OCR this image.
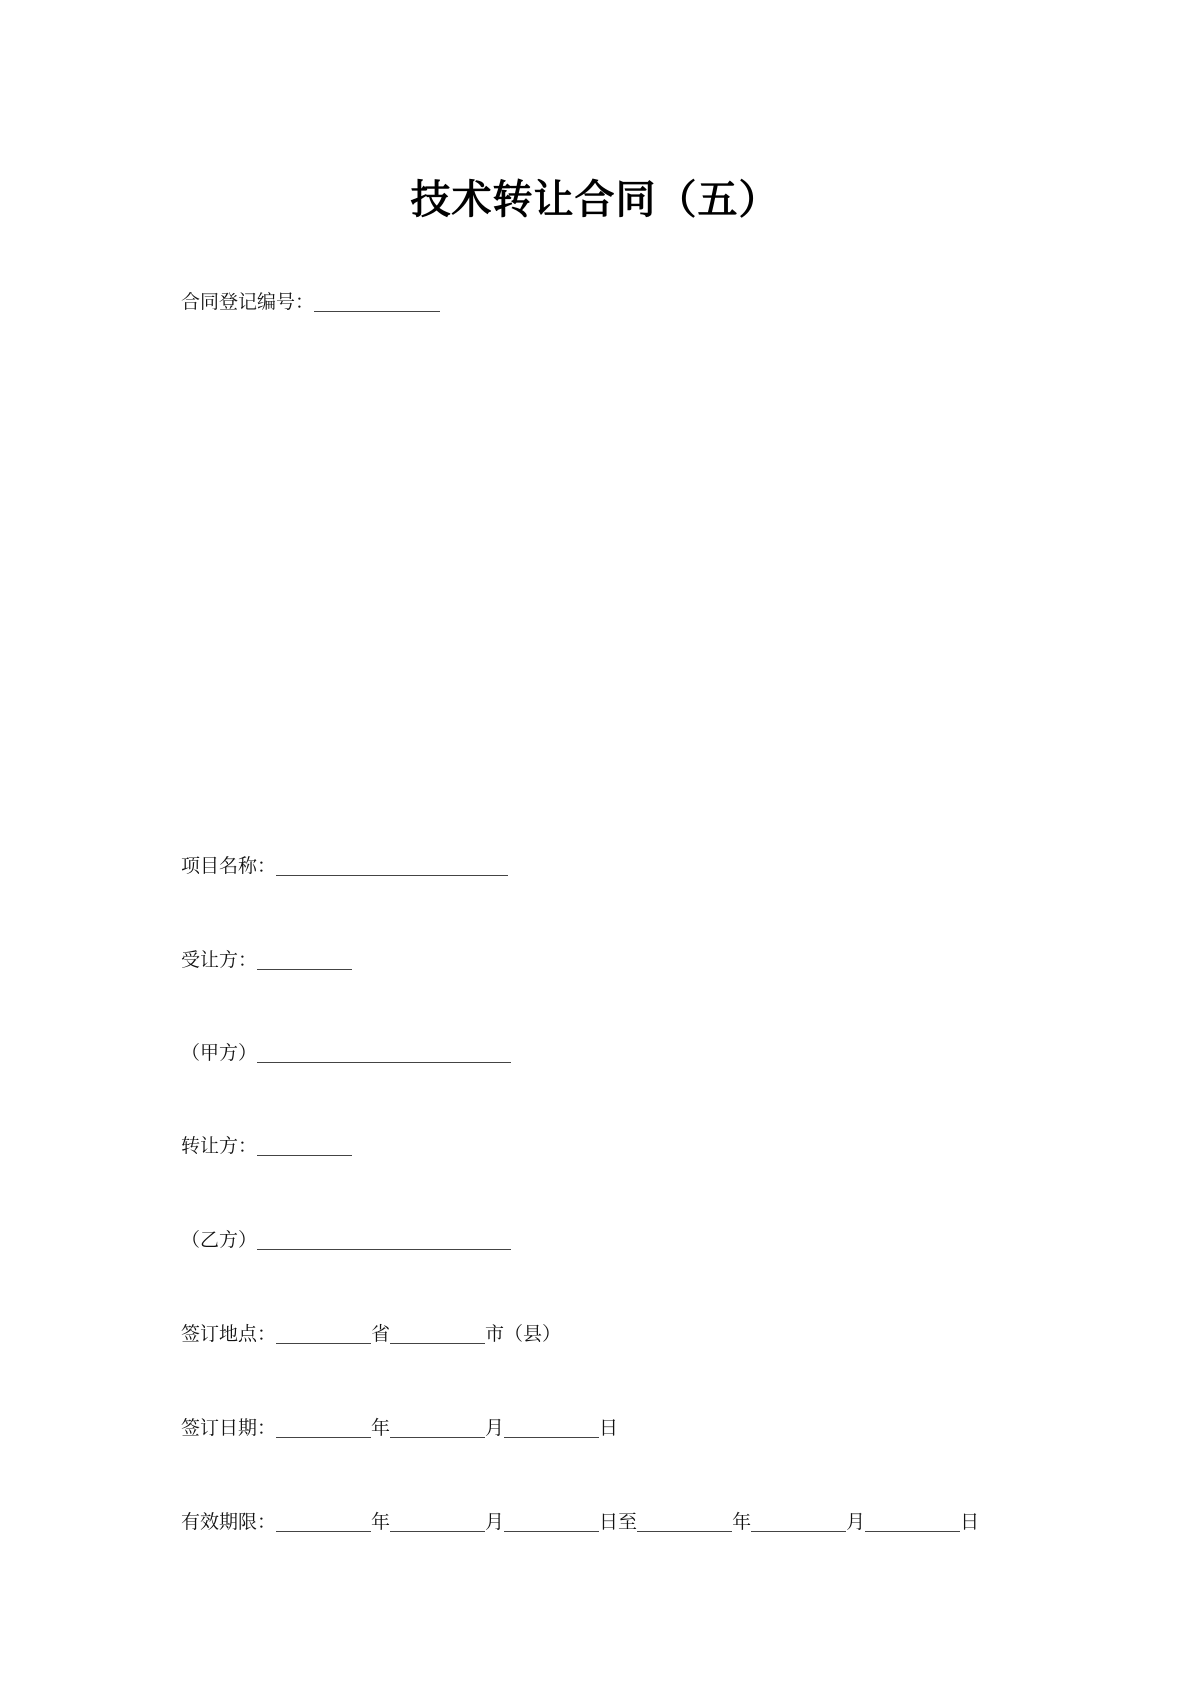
技术转让合同（五）
合同登记编号：
项目名称：
受让方：
（甲方）
转让方：
（乙方）
签订地点：	省	市（县）
签订日期：	年	月	日
有效期限：	年	月	日至	年	月	日
